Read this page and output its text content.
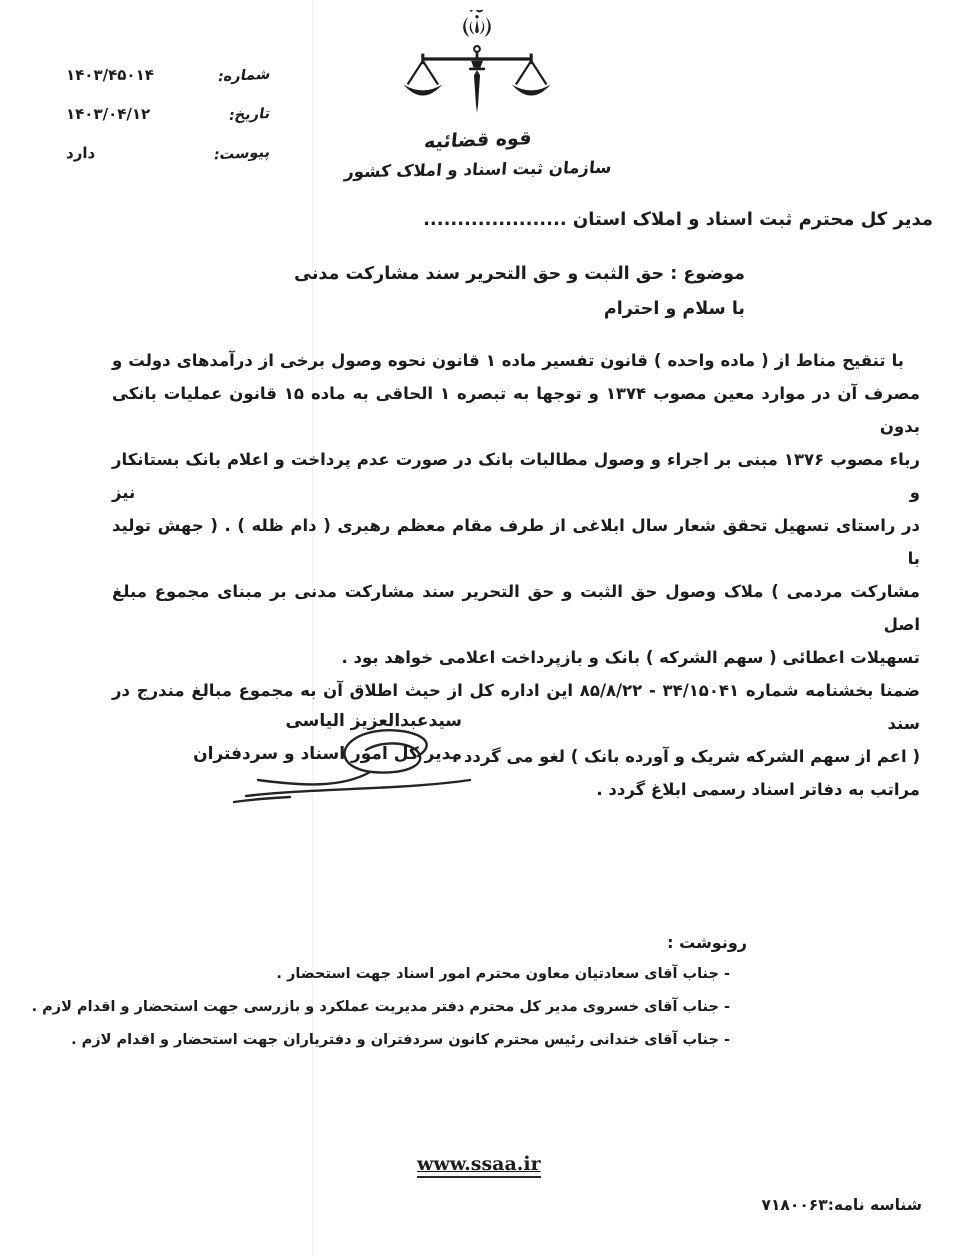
قوه قضائیه
سازمان ثبت اسناد و املاک کشور
شماره:
۱۴۰۳/۴۵۰۱۴
تاریخ:
۱۴۰۳/۰۴/۱۲
پیوست:
دارد
مدیر کل محترم ثبت اسناد و املاک استان .....................
موضوع : حق الثبت و حق التحریر سند مشارکت مدنی
با سلام و احترام
با تنقیح مناط از ( ماده واحده ) قانون تفسیر ماده ۱ قانون نحوه وصول برخی از درآمدهای دولت و
مصرف آن در موارد معین مصوب ۱۳۷۴ و توجها به تبصره ۱ الحاقی به ماده ۱۵ قانون عملیات بانکی بدون
رباء مصوب ۱۳۷۶ مبنی بر اجراء و وصول مطالبات بانک در صورت عدم پرداخت و اعلام بانک بستانکار و نیز
در راستای تسهیل تحقق شعار سال ابلاغی از طرف مقام معظم رهبری ( دام ظله ) . ( جهش تولید با
مشارکت مردمی ) ملاک وصول حق الثبت و حق التحریر سند مشارکت مدنی بر مبنای مجموع مبلغ اصل
تسهیلات اعطائی ( سهم الشرکه ) بانک و بازپرداخت اعلامی خواهد بود .
ضمنا بخشنامه شماره ۳۴/۱۵۰۴۱ - ۸۵/۸/۲۲ این اداره کل از حیث اطلاق آن به مجموع مبالغ مندرج در سند
( اعم از سهم الشرکه شریک و آورده بانک ) لغو می گردد .
مراتب به دفاتر اسناد رسمی ابلاغ گردد .
سیدعبدالعزیز الیاسی
مدیر کل امور اسناد و سردفتران
رونوشت :
- جناب آقای سعادتیان معاون محترم امور اسناد جهت استحضار .
- جناب آقای خسروی مدیر کل محترم دفتر مدیریت عملکرد و بازرسی جهت استحضار و اقدام لازم .
- جناب آقای خندانی رئیس محترم کانون سردفتران و دفتریاران جهت استحضار و اقدام لازم .
www.ssaa.ir
شناسه نامه:۷۱۸۰۰۶۳
